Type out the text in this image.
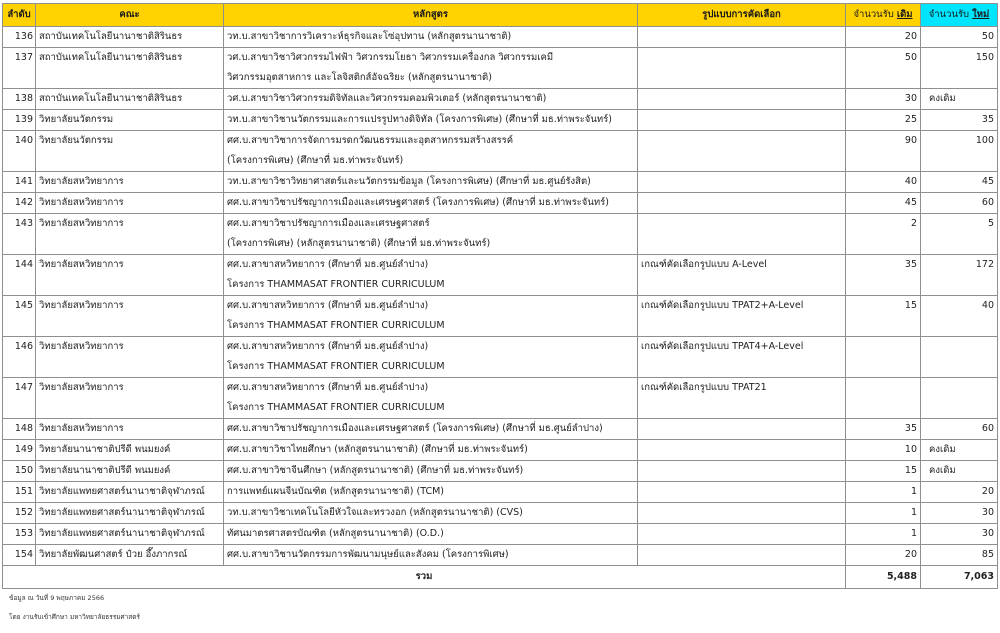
ลำดับ	คณะ	หลักสูตร	รูปแบบการคัดเลือก	จำนวนรับ เดิม	จำนวนรับ ใหม่
136	สถาบันเทคโนโลยีนานาชาติสิรินธร	วท.บ.สาขาวิชาการวิเคราะห์ธุรกิจและโซ่อุปทาน (หลักสูตรนานาชาติ)		20	50
137	สถาบันเทคโนโลยีนานาชาติสิรินธร	วศ.บ.สาขาวิชาวิศวกรรมไฟฟ้า วิศวกรรมโยธา วิศวกรรมเครื่องกล วิศวกรรมเคมี
วิศวกรรมอุตสาหการ และโลจิสติกส์อัจฉริยะ (หลักสูตรนานาชาติ)		50	150
138	สถาบันเทคโนโลยีนานาชาติสิรินธร	วศ.บ.สาขาวิชาวิศวกรรมดิจิทัลและวิศวกรรมคอมพิวเตอร์ (หลักสูตรนานาชาติ)		30	คงเดิม
139	วิทยาลัยนวัตกรรม	วท.บ.สาขาวิชานวัตกรรมและการแปรรูปทางดิจิทัล (โครงการพิเศษ) (ศึกษาที่ มธ.ท่าพระจันทร์)		25	35
140	วิทยาลัยนวัตกรรม	ศศ.บ.สาขาวิชาการจัดการมรดกวัฒนธรรมและอุตสาหกรรมสร้างสรรค์
(โครงการพิเศษ) (ศึกษาที่ มธ.ท่าพระจันทร์)		90	100
141	วิทยาลัยสหวิทยาการ	วท.บ.สาขาวิชาวิทยาศาสตร์และนวัตกรรมข้อมูล (โครงการพิเศษ) (ศึกษาที่ มธ.ศูนย์รังสิต)		40	45
142	วิทยาลัยสหวิทยาการ	ศศ.บ.สาขาวิชาปรัชญาการเมืองและเศรษฐศาสตร์ (โครงการพิเศษ) (ศึกษาที่ มธ.ท่าพระจันทร์)		45	60
143	วิทยาลัยสหวิทยาการ	ศศ.บ.สาขาวิชาปรัชญาการเมืองและเศรษฐศาสตร์
(โครงการพิเศษ) (หลักสูตรนานาชาติ) (ศึกษาที่ มธ.ท่าพระจันทร์)		2	5
144	วิทยาลัยสหวิทยาการ	ศศ.บ.สาขาสหวิทยาการ (ศึกษาที่ มธ.ศูนย์ลำปาง)
โครงการ THAMMASAT FRONTIER CURRICULUM	เกณฑ์คัดเลือกรูปแบบ A-Level	35	172
145	วิทยาลัยสหวิทยาการ	ศศ.บ.สาขาสหวิทยาการ (ศึกษาที่ มธ.ศูนย์ลำปาง)
โครงการ THAMMASAT FRONTIER CURRICULUM	เกณฑ์คัดเลือกรูปแบบ TPAT2+A-Level	15	40
146	วิทยาลัยสหวิทยาการ	ศศ.บ.สาขาสหวิทยาการ (ศึกษาที่ มธ.ศูนย์ลำปาง)
โครงการ THAMMASAT FRONTIER CURRICULUM	เกณฑ์คัดเลือกรูปแบบ TPAT4+A-Level		
147	วิทยาลัยสหวิทยาการ	ศศ.บ.สาขาสหวิทยาการ (ศึกษาที่ มธ.ศูนย์ลำปาง)
โครงการ THAMMASAT FRONTIER CURRICULUM	เกณฑ์คัดเลือกรูปแบบ TPAT21		
148	วิทยาลัยสหวิทยาการ	ศศ.บ.สาขาวิชาปรัชญาการเมืองและเศรษฐศาสตร์ (โครงการพิเศษ) (ศึกษาที่ มธ.ศูนย์ลำปาง)		35	60
149	วิทยาลัยนานาชาติปรีดี พนมยงค์	ศศ.บ.สาขาวิชาไทยศึกษา (หลักสูตรนานาชาติ) (ศึกษาที่ มธ.ท่าพระจันทร์)		10	คงเดิม
150	วิทยาลัยนานาชาติปรีดี พนมยงค์	ศศ.บ.สาขาวิชาจีนศึกษา (หลักสูตรนานาชาติ) (ศึกษาที่ มธ.ท่าพระจันทร์)		15	คงเดิม
151	วิทยาลัยแพทยศาสตร์นานาชาติจุฬาภรณ์	การแพทย์แผนจีนบัณฑิต (หลักสูตรนานาชาติ) (TCM)		1	20
152	วิทยาลัยแพทยศาสตร์นานาชาติจุฬาภรณ์	วท.บ.สาขาวิชาเทคโนโลยีหัวใจและทรวงอก (หลักสูตรนานาชาติ) (CVS)		1	30
153	วิทยาลัยแพทยศาสตร์นานาชาติจุฬาภรณ์	ทัศนมาตรศาสตรบัณฑิต (หลักสูตรนานาชาติ) (O.D.)		1	30
154	วิทยาลัยพัฒนศาสตร์ ป๋วย อึ๊งภากรณ์	ศศ.บ.สาขาวิชานวัตกรรมการพัฒนามนุษย์และสังคม (โครงการพิเศษ)		20	85
รวม				5,488	7,063
ข้อมูล ณ วันที่ 9 พฤษภาคม 2566
โดย งานรับเข้าศึกษา มหาวิทยาลัยธรรมศาสตร์
